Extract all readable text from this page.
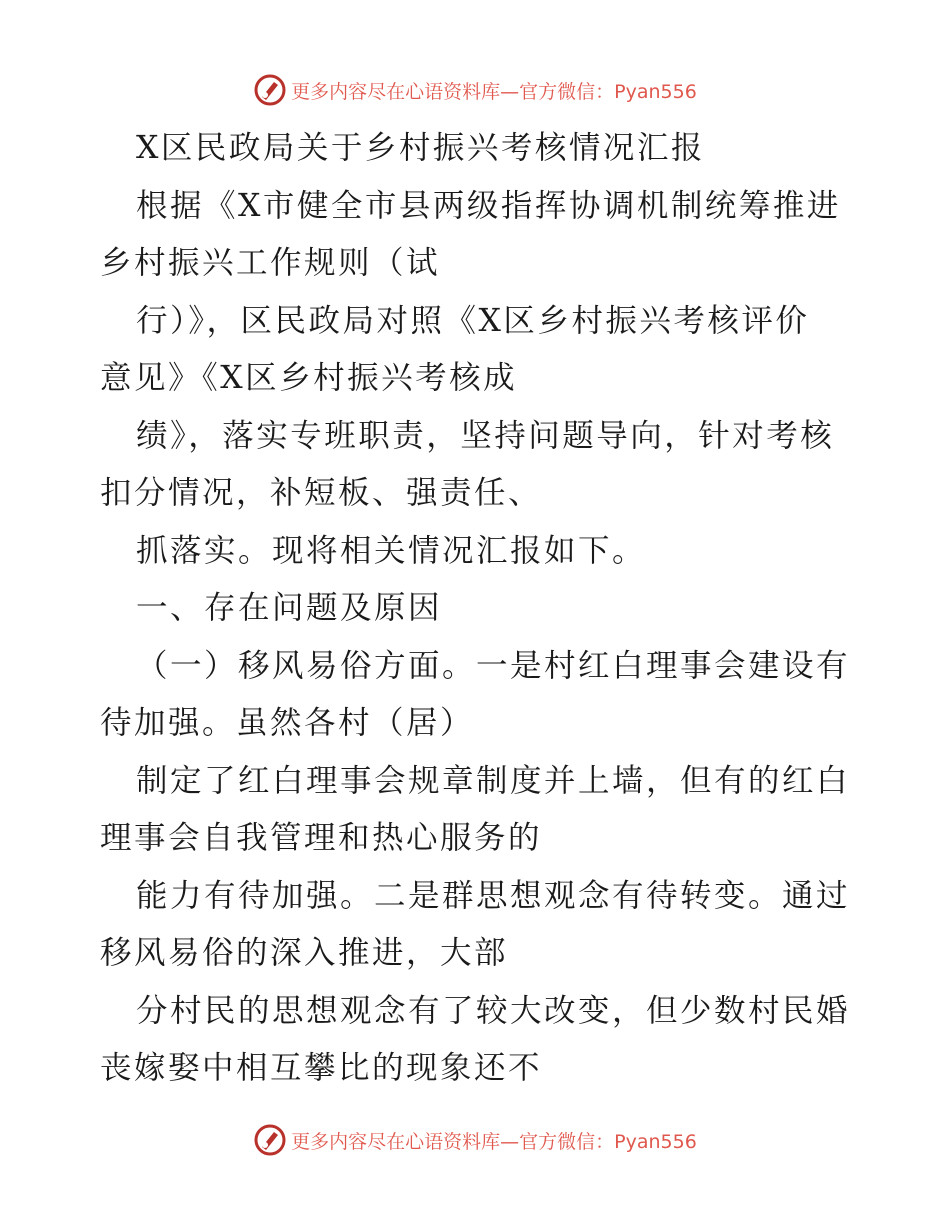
更多内容尽在心语资料库—官方微信：Pyan556
X区民政局关于乡村振兴考核情况汇报
根据《X市健全市县两级指挥协调机制统筹推进
乡村振兴工作规则（试
行）》，区民政局对照《X区乡村振兴考核评价
意见》《X区乡村振兴考核成
绩》，落实专班职责，坚持问题导向，针对考核
扣分情况，补短板、强责任、
抓落实。现将相关情况汇报如下。
一、存在问题及原因
（一）移风易俗方面。一是村红白理事会建设有
待加强。虽然各村（居）
制定了红白理事会规章制度并上墙，但有的红白
理事会自我管理和热心服务的
能力有待加强。二是群思想观念有待转变。通过
移风易俗的深入推进，大部
分村民的思想观念有了较大改变，但少数村民婚
丧嫁娶中相互攀比的现象还不
更多内容尽在心语资料库—官方微信：Pyan556
